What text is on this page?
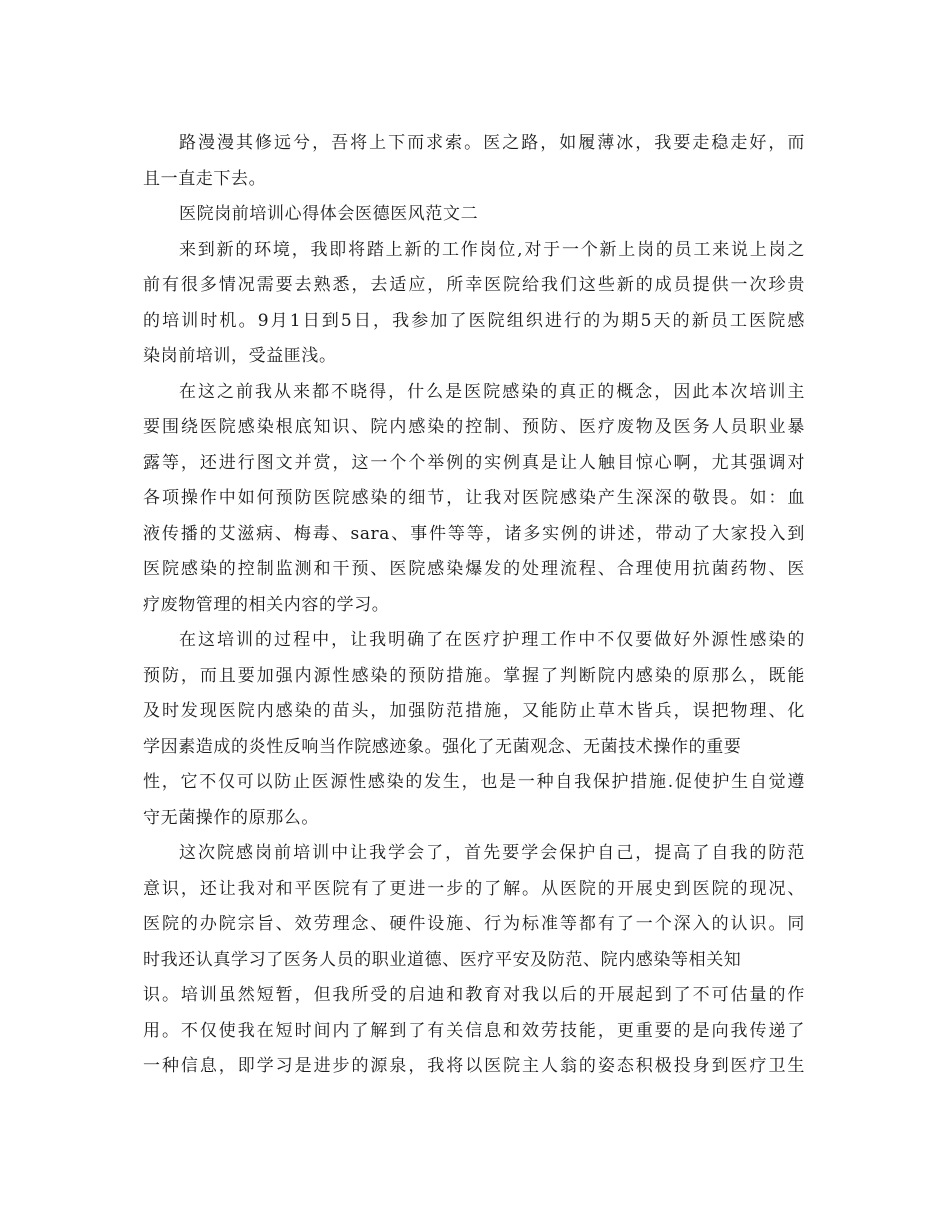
路漫漫其修远兮，吾将上下而求索。医之路，如履薄冰，我要走稳走好，而
且一直走下去。
医院岗前培训心得体会医德医风范文二
来到新的环境，我即将踏上新的工作岗位,对于一个新上岗的员工来说上岗之
前有很多情况需要去熟悉，去适应，所幸医院给我们这些新的成员提供一次珍贵
的培训时机。9月1日到5日，我参加了医院组织进行的为期5天的新员工医院感
染岗前培训，受益匪浅。
在这之前我从来都不晓得，什么是医院感染的真正的概念，因此本次培训主
要围绕医院感染根底知识、院内感染的控制、预防、医疗废物及医务人员职业暴
露等，还进行图文并赏，这一个个举例的实例真是让人触目惊心啊，尤其强调对
各项操作中如何预防医院感染的细节，让我对医院感染产生深深的敬畏。如：血
液传播的艾滋病、梅毒、sara、事件等等，诸多实例的讲述，带动了大家投入到
医院感染的控制监测和干预、医院感染爆发的处理流程、合理使用抗菌药物、医
疗废物管理的相关内容的学习。
在这培训的过程中，让我明确了在医疗护理工作中不仅要做好外源性感染的
预防，而且要加强内源性感染的预防措施。掌握了判断院内感染的原那么，既能
及时发现医院内感染的苗头，加强防范措施，又能防止草木皆兵，误把物理、化
学因素造成的炎性反响当作院感迹象。强化了无菌观念、无菌技术操作的重要
性，它不仅可以防止医源性感染的发生，也是一种自我保护措施.促使护生自觉遵
守无菌操作的原那么。
这次院感岗前培训中让我学会了，首先要学会保护自己，提高了自我的防范
意识，还让我对和平医院有了更进一步的了解。从医院的开展史到医院的现况、
医院的办院宗旨、效劳理念、硬件设施、行为标准等都有了一个深入的认识。同
时我还认真学习了医务人员的职业道德、医疗平安及防范、院内感染等相关知
识。培训虽然短暂，但我所受的启迪和教育对我以后的开展起到了不可估量的作
用。不仅使我在短时间内了解到了有关信息和效劳技能，更重要的是向我传递了
一种信息，即学习是进步的源泉，我将以医院主人翁的姿态积极投身到医疗卫生
